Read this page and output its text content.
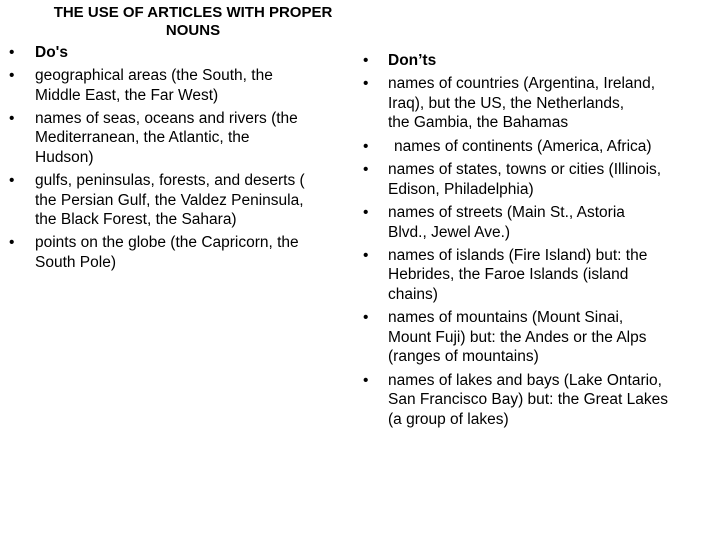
THE USE OF ARTICLES WITH PROPER
NOUNS
•	Do's
•	geographical areas (the South, the
Middle East, the Far West)
•	names of seas, oceans and rivers (the
Mediterranean, the Atlantic, the
Hudson)
•	gulfs, peninsulas, forests, and deserts (
the Persian Gulf, the Valdez Peninsula,
the Black Forest, the Sahara)
•	points on the globe (the Capricorn, the
South Pole)
•	Don’ts
•	names of countries (Argentina, Ireland,
Iraq), but the US, the Netherlands,
the Gambia, the Bahamas
•	names of continents (America, Africa)
•	names of states, towns or cities (Illinois,
Edison, Philadelphia)
•	names of streets (Main St., Astoria
Blvd., Jewel Ave.)
•	names of islands (Fire Island) but: the
Hebrides, the Faroe Islands (island
chains)
•	names of mountains (Mount Sinai,
Mount Fuji) but: the Andes or the Alps
(ranges of mountains)
•	names of lakes and bays (Lake Ontario,
San Francisco Bay) but: the Great Lakes
(a group of lakes)
